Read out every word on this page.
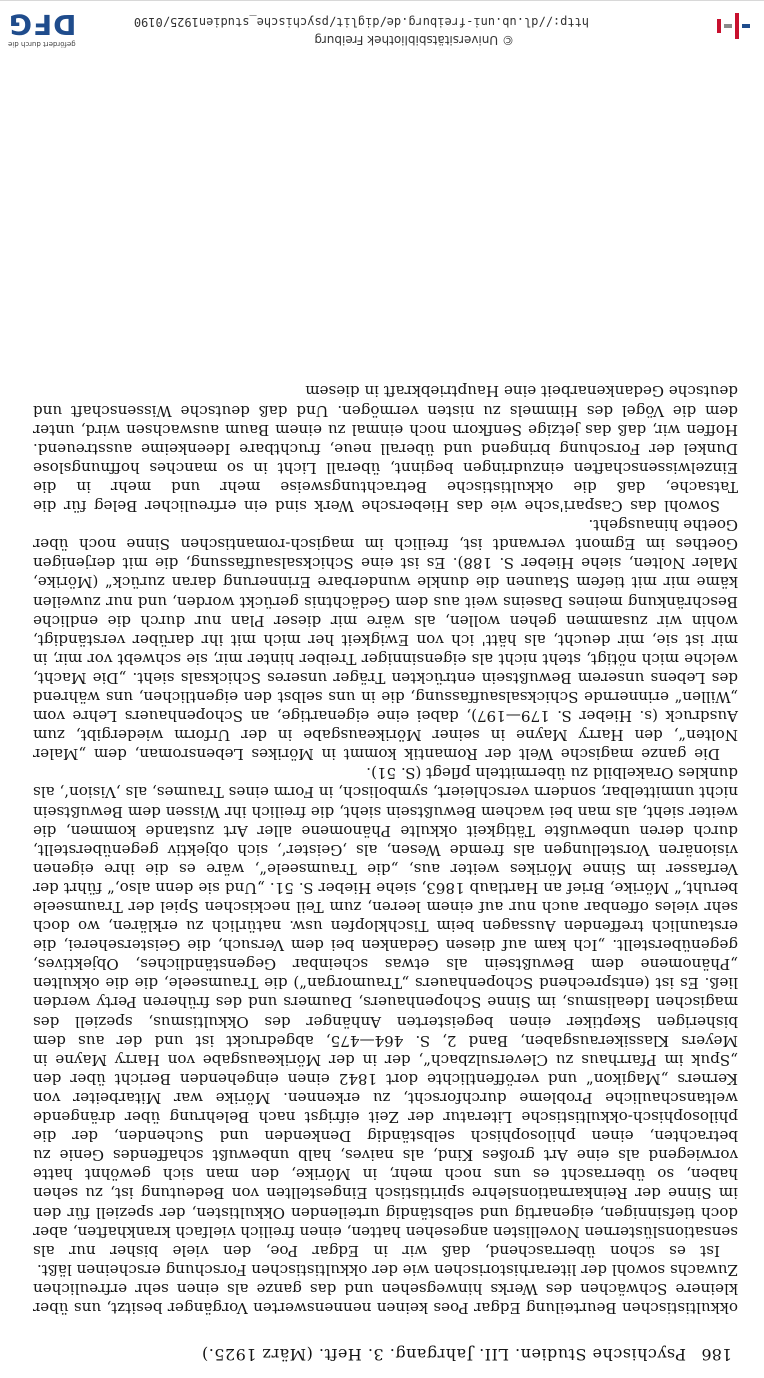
© Universitätsbibliothek Freiburg
http://dl.ub.uni-freiburg.de/diglit/psychische_studien1925/0190
gefördert durch die
DFG
186
Psychische Studien. LII. Jahrgang. 3. Heft. (März 1925.)

okkultistischen Beurteilung Edgar Poes keinen nennenswerten Vorgänger besitzt, uns über kleinere Schwächen des Werks hinwegsehen und das ganze als einen sehr erfreulichen Zuwachs sowohl der literarhistorischen wie der okkultistischen Forschung erscheinen läßt.

Ist es schon überraschend, daß wir in Edgar Poe, den viele bisher nur als sensationslüsternen Novellisten angesehen hatten, einen freilich vielfach krankhaften, aber doch tiefsinnigen, eigenartig und selbständig urteilenden Okkultisten, der speziell für den im Sinne der Reinkarnationslehre spiritistisch Eingestellten von Bedeutung ist, zu sehen haben, so überrascht es uns noch mehr, in Mörike, den man sich gewöhnt hatte vorwiegend als eine Art großes Kind, als naives, halb unbewußt schaffendes Genie zu betrachten, einen philosophisch selbständig Denkenden und Suchenden, der die philosophisch-okkultistische Literatur der Zeit eifrigst nach Belehrung über drängende weltanschauliche Probleme durchforscht, zu erkennen. Mörike war Mitarbeiter von Kerners „Magikon“ und veröffentlichte dort 1842 einen eingehenden Bericht über den „Spuk im Pfarrhaus zu Cleversulzbach“, der in der Mörikeausgabe von Harry Mayne in Meyers Klassikerausgaben, Band 2, S. 464—475, abgedruckt ist und der aus dem bisherigen Skeptiker einen begeisterten Anhänger des Okkultismus, speziell des magischen Idealismus, im Sinne Schopenhauers, Daumers und des früheren Perty werden ließ. Es ist (entsprechend Schopenhauers „Traumorgan“) die Traumseele, die die okkulten „Phänomene dem Bewußtsein als etwas scheinbar Gegenständliches, Objektives, gegenüberstellt. „Ich kam auf diesen Gedanken bei dem Versuch, die Geisterseherei, die erstaunlich treffenden Aussagen beim Tischklopfen usw. natürlich zu erklären, wo doch sehr vieles offenbar auch nur auf einem leeren, zum Teil neckischen Spiel der Traumseele beruht,“ Mörike, Brief an Hartlaub 1863, siehe Hieber S. 51. „Und sie denn also,“ führt der Verfasser im Sinne Mörikes weiter aus, „die Traumseele“, wäre es die ihre eigenen visionären Vorstellungen als fremde Wesen, als ‚Geister‘, sich objektiv gegenüberstellt, durch deren unbewußte Tätigkeit okkulte Phänomene aller Art zustande kommen, die weiter sieht, als man bei wachem Bewußtsein sieht, die freilich ihr Wissen dem Bewußtsein nicht unmittelbar, sondern verschleiert, symbolisch, in Form eines Traumes, als ‚Vision‘, als dunkles Orakelbild zu übermitteln pflegt (S. 51).

Die ganze magische Welt der Romantik kommt in Mörikes Lebensroman, dem „Maler Nolten“, den Harry Mayne in seiner Mörikeausgabe in der Urform wiedergibt, zum Ausdruck (s. Hieber S. 179—197), dabei eine eigenartige, an Schopenhauers Lehre vom „Willen“ erinnernde Schicksalsauffassung, die in uns selbst den eigentlichen, uns während des Lebens unserem Bewußtsein entrückten Träger unseres Schicksals sieht. „Die Macht, welche mich nötigt, steht nicht als eigensinniger Treiber hinter mir, sie schwebt vor mir, in mir ist sie, mir deucht, als hätt' ich von Ewigkeit her mich mit ihr darüber verständigt, wohin wir zusammen gehen wollen, als wäre mir dieser Plan nur durch die endliche Beschränkung meines Daseins weit aus dem Gedächtnis gerückt worden, und nur zuweilen käme mir mit tiefem Staunen die dunkle wunderbare Erinnerung daran zurück“ (Mörike, Maler Nolten, siehe Hieber S. 188). Es ist eine Schicksalsauffassung, die mit derjenigen Goethes im Egmont verwandt ist, freilich im magisch-romantischen Sinne noch über Goethe hinausgeht.

Sowohl das Caspari'sche wie das Hiebersche Werk sind ein erfreulicher Beleg für die Tatsache, daß die okkultistische Betrachtungsweise mehr und mehr in die Einzelwissenschaften einzudringen beginnt, überall Licht in so manches hoffnungslose Dunkel der Forschung bringend und überall neue, fruchtbare Ideenkeime ausstreuend. Hoffen wir, daß das jetzige Senfkorn noch einmal zu einem Baum auswachsen wird, unter dem die Vögel des Himmels zu nisten vermögen. Und daß deutsche Wissenschaft und deutsche Gedankenarbeit eine Hauptriebkraft in diesem
